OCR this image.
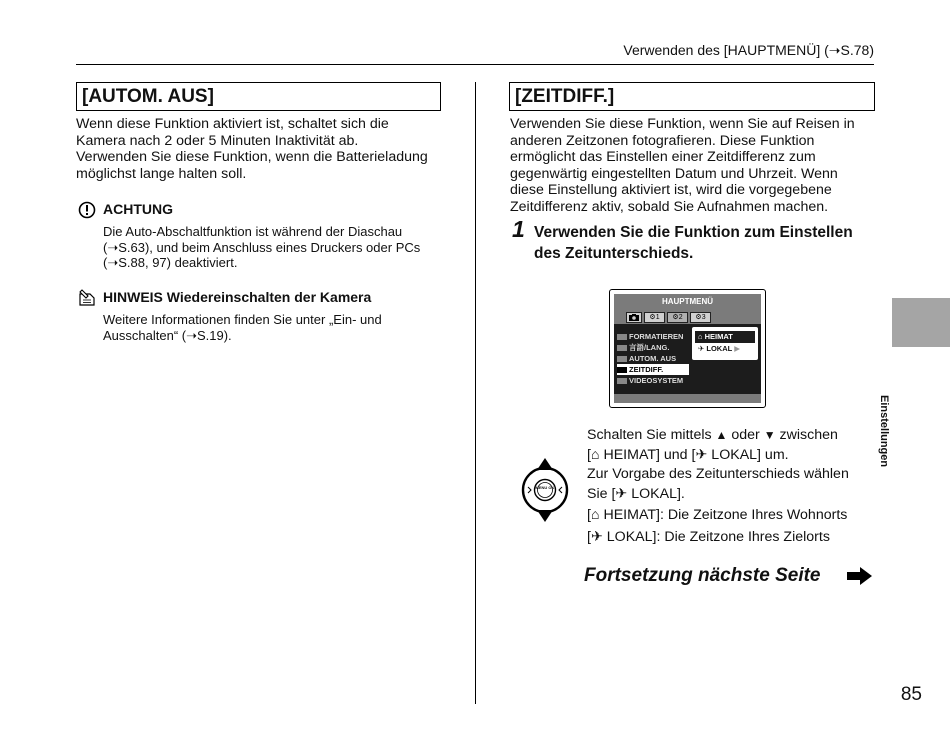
Verwenden des [HAUPTMENÜ] (➝S.78)
[AUTOM. AUS]
Wenn diese Funktion aktiviert ist, schaltet sich die
Kamera nach 2 oder 5 Minuten Inaktivität ab.
Verwenden Sie diese Funktion, wenn die Batterieladung
möglichst lange halten soll.
ACHTUNG
Die Auto-Abschaltfunktion ist während der Diaschau
(➝S.63), und beim Anschluss eines Druckers oder PCs
(➝S.88, 97) deaktiviert.
HINWEIS Wiedereinschalten der Kamera
Weitere Informationen finden Sie unter „Ein- und
Ausschalten“ (➝S.19).
[ZEITDIFF.]
Verwenden Sie diese Funktion, wenn Sie auf Reisen in
anderen Zeitzonen fotografieren. Diese Funktion
ermöglicht das Einstellen einer Zeitdifferenz zum
gegenwärtig eingestellten Datum und Uhrzeit. Wenn
diese Einstellung aktiviert ist, wird die vorgegebene
Zeitdifferenz aktiv, sobald Sie Aufnahmen machen.
1 Verwenden Sie die Funktion zum Einstellen
des Zeitunterschieds.
HAUPTMENÜ
⚙1	⚙2	⚙3
FORMATIEREN
言語/LANG.
AUTOM. AUS
ZEITDIFF.
VIDEOSYSTEM
⌂ HEIMAT
✈ LOKAL ▶
MENU OK
Schalten Sie mittels ▲ oder ▼ zwischen
[⌂ HEIMAT] und [✈ LOKAL] um.
Zur Vorgabe des Zeitunterschieds wählen
Sie [✈ LOKAL].
[⌂ HEIMAT]: Die Zeitzone Ihres Wohnorts
[✈ LOKAL]: Die Zeitzone Ihres Zielorts
Fortsetzung nächste Seite
Einstellungen
85
